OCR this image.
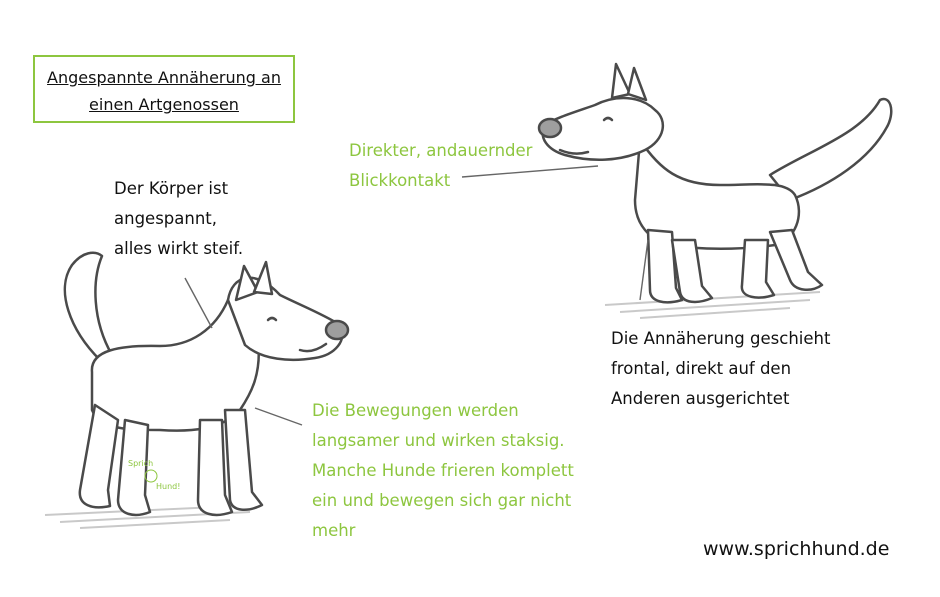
Sprich
Hund!
Angespannte Annäherung an
einen Artgenossen
Der Körper ist
angespannt,
alles wirkt steif.
Direkter, andauernder
Blickkontakt
Die Annäherung geschieht
frontal, direkt auf den
Anderen ausgerichtet
Die Bewegungen werden
langsamer und wirken staksig.
Manche Hunde frieren komplett
ein und bewegen sich gar nicht
mehr
www.sprichhund.de
